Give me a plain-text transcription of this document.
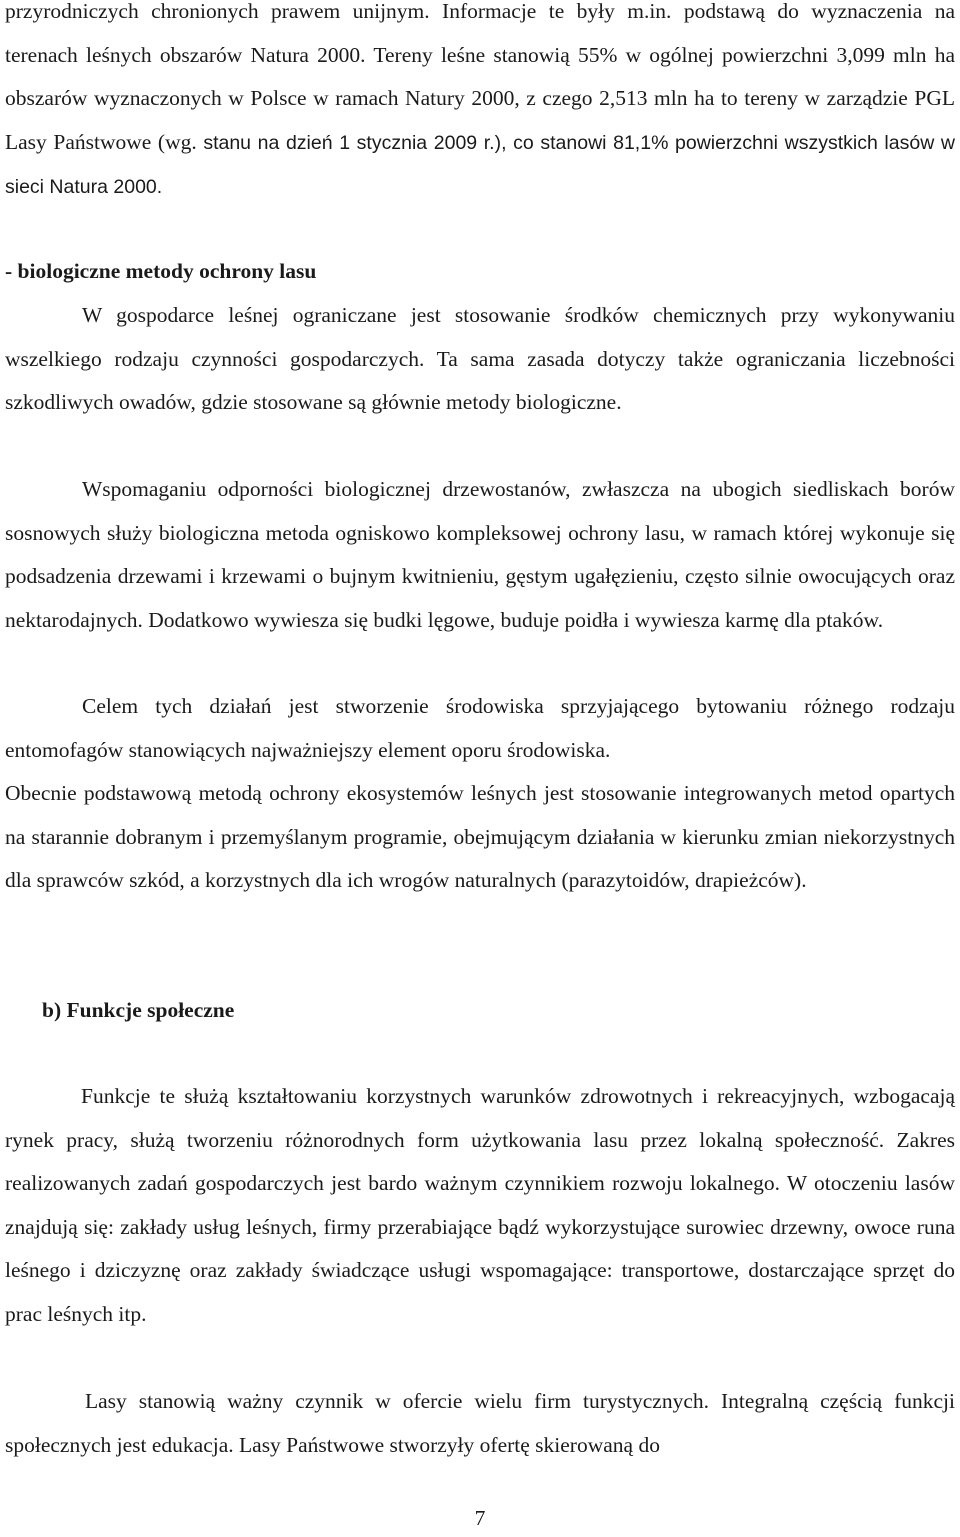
przyrodniczych chronionych prawem unijnym. Informacje te były m.in. podstawą do wyznaczenia na terenach leśnych obszarów Natura 2000. Tereny leśne stanowią 55% w ogólnej powierzchni 3,099 mln ha obszarów wyznaczonych w Polsce w ramach Natury 2000, z czego 2,513 mln ha to tereny w zarządzie PGL Lasy Państwowe (wg. stanu na dzień 1 stycznia 2009 r.), co stanowi 81,1% powierzchni wszystkich lasów w sieci Natura 2000.

- biologiczne metody ochrony lasu

W gospodarce leśnej ograniczane jest stosowanie środków chemicznych przy wykonywaniu wszelkiego rodzaju czynności gospodarczych. Ta sama zasada dotyczy także ograniczania liczebności szkodliwych owadów, gdzie stosowane są głównie metody biologiczne.

Wspomaganiu odporności biologicznej drzewostanów, zwłaszcza na ubogich siedliskach borów sosnowych służy biologiczna metoda ogniskowo kompleksowej ochrony lasu, w ramach której wykonuje się podsadzenia drzewami i krzewami o bujnym kwitnieniu, gęstym ugałęzieniu, często silnie owocujących oraz nektarodajnych. Dodatkowo wywiesza się budki lęgowe, buduje poidła i wywiesza karmę dla ptaków.

Celem tych działań jest stworzenie środowiska sprzyjającego bytowaniu różnego rodzaju entomofagów stanowiących najważniejszy element oporu środowiska.

Obecnie podstawową metodą ochrony ekosystemów leśnych jest stosowanie integrowanych metod opartych na starannie dobranym i przemyślanym programie, obejmującym działania w kierunku zmian niekorzystnych dla sprawców szkód, a korzystnych dla ich wrogów naturalnych (parazytoidów, drapieżców).

b) Funkcje społeczne

Funkcje te służą kształtowaniu korzystnych warunków zdrowotnych i rekreacyjnych, wzbogacają rynek pracy, służą tworzeniu różnorodnych form użytkowania lasu przez lokalną społeczność. Zakres realizowanych zadań gospodarczych jest bardo ważnym czynnikiem rozwoju lokalnego. W otoczeniu lasów znajdują się: zakłady usług leśnych, firmy przerabiające bądź wykorzystujące surowiec drzewny, owoce runa leśnego i dziczyznę oraz zakłady świadczące usługi wspomagające: transportowe, dostarczające sprzęt do prac leśnych itp.

Lasy stanowią ważny czynnik w ofercie wielu firm turystycznych. Integralną częścią funkcji społecznych jest edukacja. Lasy Państwowe stworzyły ofertę skierowaną do

7
